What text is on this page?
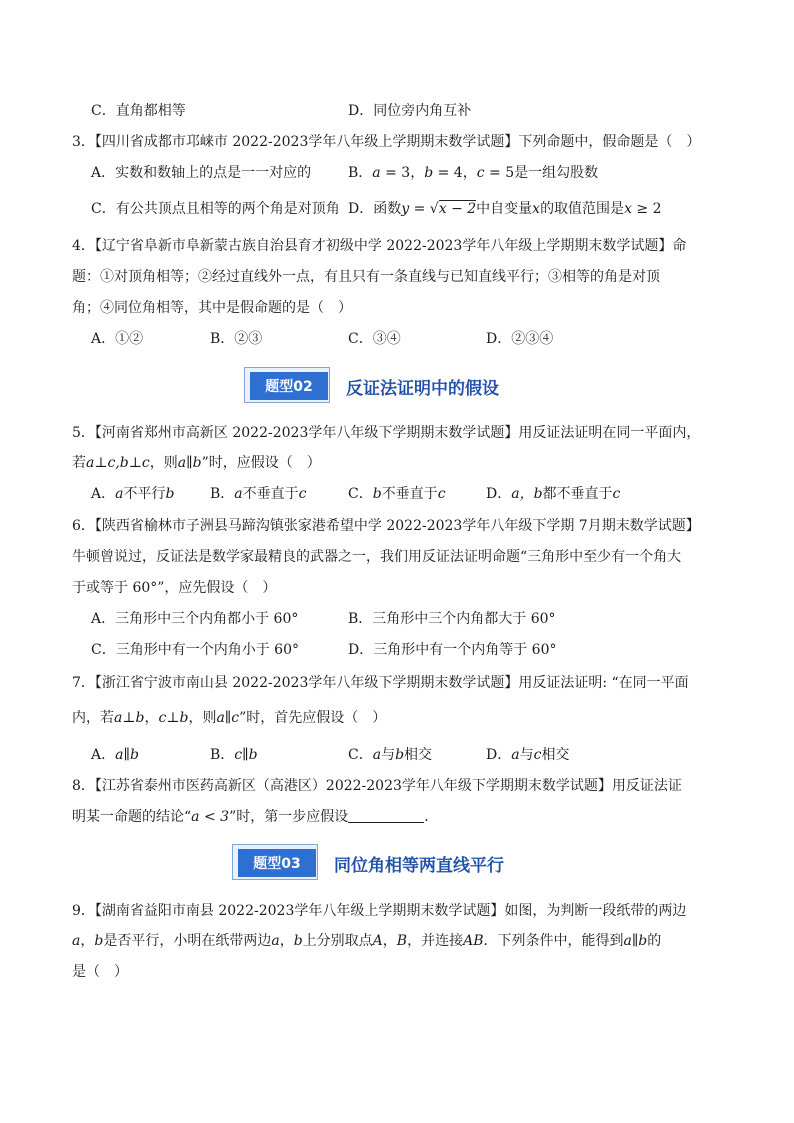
C．直角都相等	D．同位旁内角互补
3．【四川省成都市邛崃市 2022-2023学年八年级上学期期末数学试题】下列命题中，假命题是（　）
A．实数和数轴上的点是一一对应的	B．a = 3，b = 4，c = 5是一组勾股数
C．有公共顶点且相等的两个角是对顶角 D．函数y = √x − 2中自变量x的取值范围是x ≥ 2
4．【辽宁省阜新市阜新蒙古族自治县育才初级中学 2022-2023学年八年级上学期期末数学试题】命
题：①对顶角相等；②经过直线外一点，有且只有一条直线与已知直线平行；③相等的角是对顶
角；④同位角相等，其中是假命题的是（　）
A．①②	B．②③	C．③④	D．②③④
题型02	反证法证明中的假设
5．【河南省郑州市高新区 2022-2023学年八年级下学期期末数学试题】用反证法证明在同一平面内，
若a⊥c,b⊥c，则a∥b”时，应假设（　）
A．a不平行b	B．a不垂直于c	C．b不垂直于c	D．a，b都不垂直于c
6．【陕西省榆林市子洲县马蹄沟镇张家港希望中学 2022-2023学年八年级下学期 7月期末数学试题】
牛顿曾说过，反证法是数学家最精良的武器之一，我们用反证法证明命题“三角形中至少有一个角大
于或等于 60°”，应先假设（　）
A．三角形中三个内角都小于 60°	B．三角形中三个内角都大于 60°
C．三角形中有一个内角小于 60°	D．三角形中有一个内角等于 60°
7．【浙江省宁波市南山县 2022-2023学年八年级下学期期末数学试题】用反证法证明: “在同一平面
内，若a⊥b，c⊥b，则a∥c”时，首先应假设（　）
A．a∥b	B．c∥b	C．a与b相交	D．a与c相交
8．【江苏省泰州市医药高新区（高港区）2022-2023学年八年级下学期期末数学试题】用反证法证
明某一命题的结论“a < 3”时，第一步应假设	．
题型03	同位角相等两直线平行
9．【湖南省益阳市南县 2022-2023学年八年级上学期期末数学试题】如图，为判断一段纸带的两边
a，b是否平行，小明在纸带两边a，b上分别取点A，B，并连接AB．下列条件中，能得到a∥b的
是（　）
